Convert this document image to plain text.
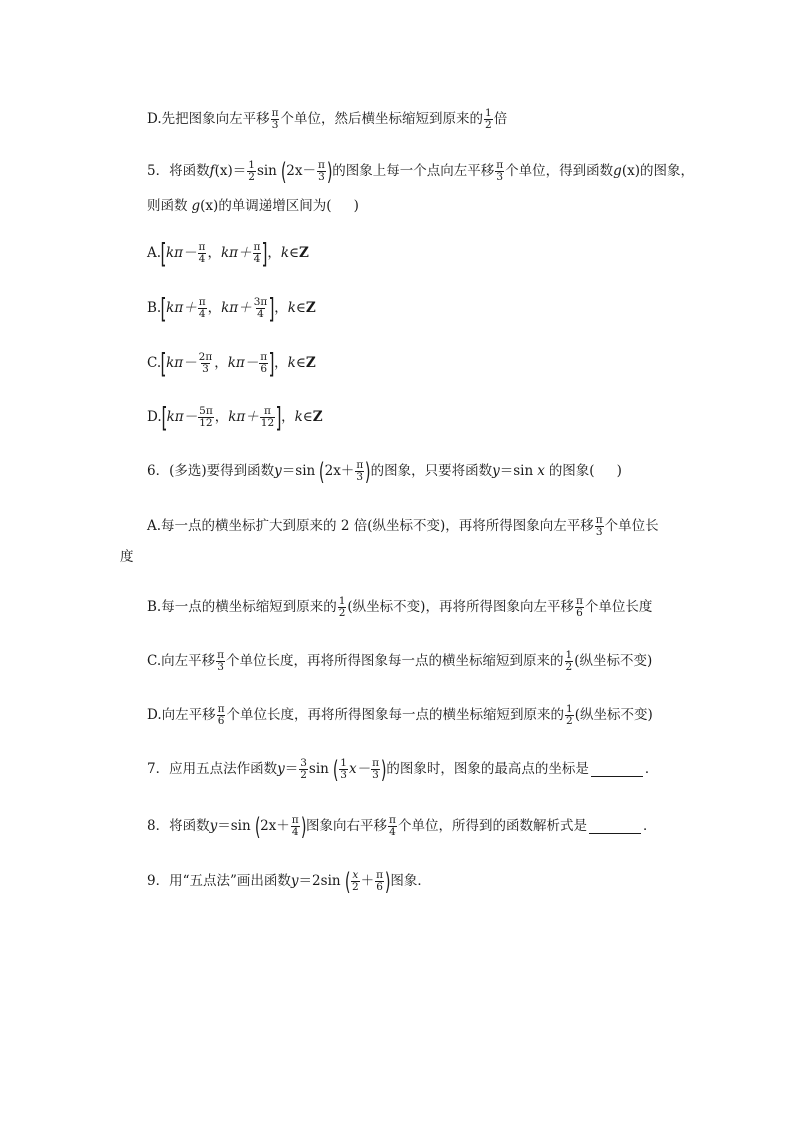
D. 先把图象向左平移 $\frac{\pi}{3}$ 个单位，然后横坐标缩短到原来的 $\frac{1}{2}$ 倍
5． 将函数 f $(x) = \frac{1}{2}$ sin ( $2x- \frac{\pi}{3}$ ) 的图象上每一个点向左平移 $\frac{\pi}{3}$ 个单位，得到函数 g (x) 的图象，
则函数 g (x) 的单调递增区间为( )
A. [ $k\pi- \frac{\pi}{4}$ ， $k\pi+ \frac{\pi}{4}$ ] ， k ∈ Z
B. [ $k\pi+ \frac{\pi}{4}$ ， $k\pi+ \frac{3\pi}{4}$ ] ， k ∈ Z
C. [ $k\pi- \frac{2\pi}{3}$ ， $k\pi- \frac{\pi}{6}$ ] ， k ∈ Z
D. [ $k\pi- \frac{5\pi}{12}$ ， $k\pi+ \frac{\pi}{12}$ ] ， k ∈ Z
6． (多选)要得到函数 y ＝sin ( $2x+ \frac{\pi}{3}$ ) 的图象，只要将函数 y ＝sin x 的图象( )
A.每一点的横坐标扩大到原来的 2 倍(纵坐标不变)，再将所得图象向左平移 $\frac{\pi}{3}$ 个单位长
度
B.每一点的横坐标缩短到原来的 $\frac{1}{2}$ (纵坐标不变)，再将所得图象向左平移 $\frac{\pi}{6}$ 个单位长度
C.向左平移 $\frac{\pi}{3}$ 个单位长度，再将所得图象每一点的横坐标缩短到原来的 $\frac{1}{2}$ (纵坐标不变)
D.向左平移 $\frac{\pi}{6}$ 个单位长度，再将所得图象每一点的横坐标缩短到原来的 $\frac{1}{2}$ (纵坐标不变)
7． 应用五点法作函数 $y = \frac{3}{2}$ sin ( $\frac{1}{3} x- \frac{\pi}{3}$ ) 的图象时，图象的最高点的坐标是	．
8． 将函数 y ＝sin ( $2x+ \frac{\pi}{4}$ ) 图象向右平移 $\frac{\pi}{4}$ 个单位，所得到的函数解析式是	．
9． 用“五点法”画出函数 y ＝2sin ( $\frac{x}{2} + \frac{\pi}{6}$ ) 图象．
